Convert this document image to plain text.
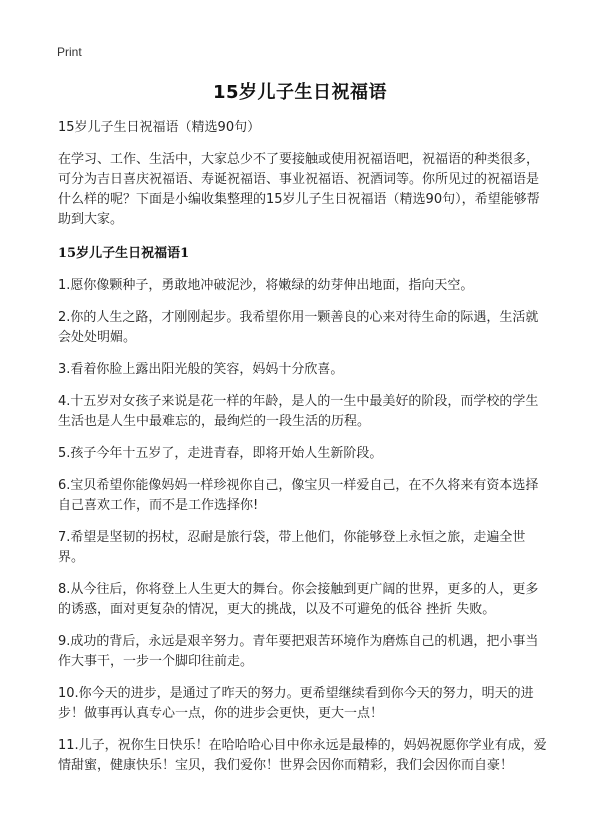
Print
15岁儿子生日祝福语

15岁儿子生日祝福语（精选90句）

在学习、工作、生活中，大家总少不了要接触或使用祝福语吧，祝福语的种类很多，可分为吉日喜庆祝福语、寿诞祝福语、事业祝福语、祝酒词等。你所见过的祝福语是什么样的呢？下面是小编收集整理的15岁儿子生日祝福语（精选90句），希望能够帮助到大家。

15岁儿子生日祝福语1

1.愿你像颗种子，勇敢地冲破泥沙，将嫩绿的幼芽伸出地面，指向天空。

2.你的人生之路，才刚刚起步。我希望你用一颗善良的心来对待生命的际遇，生活就会处处明媚。

3.看着你脸上露出阳光般的笑容，妈妈十分欣喜。

4.十五岁对女孩子来说是花一样的年龄，是人的一生中最美好的阶段，而学校的学生生活也是人生中最难忘的，最绚烂的一段生活的历程。

5.孩子今年十五岁了，走进青春，即将开始人生新阶段。

6.宝贝希望你能像妈妈一样珍视你自己，像宝贝一样爱自己，在不久将来有资本选择自己喜欢工作，而不是工作选择你!

7.希望是坚韧的拐杖，忍耐是旅行袋，带上他们，你能够登上永恒之旅，走遍全世界。

8.从今往后，你将登上人生更大的舞台。你会接触到更广阔的世界，更多的人，更多的诱惑，面对更复杂的情况，更大的挑战，以及不可避免的低谷 挫折 失败。

9.成功的背后，永远是艰辛努力。青年要把艰苦环境作为磨炼自己的机遇，把小事当作大事干，一步一个脚印往前走。

10.你今天的进步，是通过了昨天的努力。更希望继续看到你今天的努力，明天的进步！做事再认真专心一点，你的进步会更快，更大一点！

11.儿子，祝你生日快乐！在哈哈哈心目中你永远是最棒的，妈妈祝愿你学业有成，爱情甜蜜，健康快乐！宝贝，我们爱你！世界会因你而精彩，我们会因你而自豪！
